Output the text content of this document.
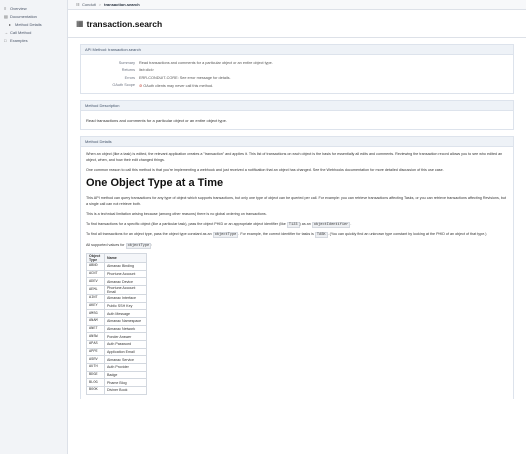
≡ Overview
▤ Documentation
▸ Method Details
→ Call Method
□ Examples
☷ Conduit > transaction.search
▦ transaction.search
API Method: transaction.search
Summary	Read transactions and comments for a particular object or an entire object type.
Returns	list<dict>
Errors	ERR-CONDUIT-CORE: See error message for details.
OAuth Scope	⊘ OAuth clients may never call this method.
Method Description
Read transactions and comments for a particular object or an entire object type.
Method Details

When an object (like a task) is edited, the relevant application creates a "transaction" and applies it. This list of transactions on each object is the basis for essentially all edits and comments. Reviewing the transaction record allows you to see who edited an object, when, and how their edit changed things.

One common reason to call this method is that you're implementing a webhook and just received a notification that an object has changed. See the Webhooks documentation for more detailed discussion of this use case.

One Object Type at a Time

This API method can query transactions for any type of object which supports transactions, but only one type of object can be queried per call. For example: you can retrieve transactions affecting Tasks, or you can retrieve transactions affecting Revisions, but a single call can not retrieve both.

This is a technical limitation arising because (among other reasons) there is no global ordering on transactions.

To find transactions for a specific object (like a particular task), pass the object PHID or an appropriate object identifier (like T123 ) as an objectIdentifier .

To find all transactions for an object type, pass the object type constant as an objectType . For example, the correct identifier for tasks is TASK . (You can quickly find an unknown type constant by looking at the PHID of an object of that type.)

All supported values for objectType :

Object Type	Name
ABND	Almanac Binding
ACNT	Phortune Account
ADEV	Almanac Device
AEML	Phortune Account Email
AINT	Almanac Interface
AKEY	Public SSH Key
AMSG	Auth Message
ANAM	Almanac Namespace
ANET	Almanac Network
ANSW	Ponder Answer
APAS	Auth Password
APPE	Application Email
ASRV	Almanac Service
AUTH	Auth Provider
BDGE	Badge
BLOG	Phame Blog
BOOK	Diviner Book
